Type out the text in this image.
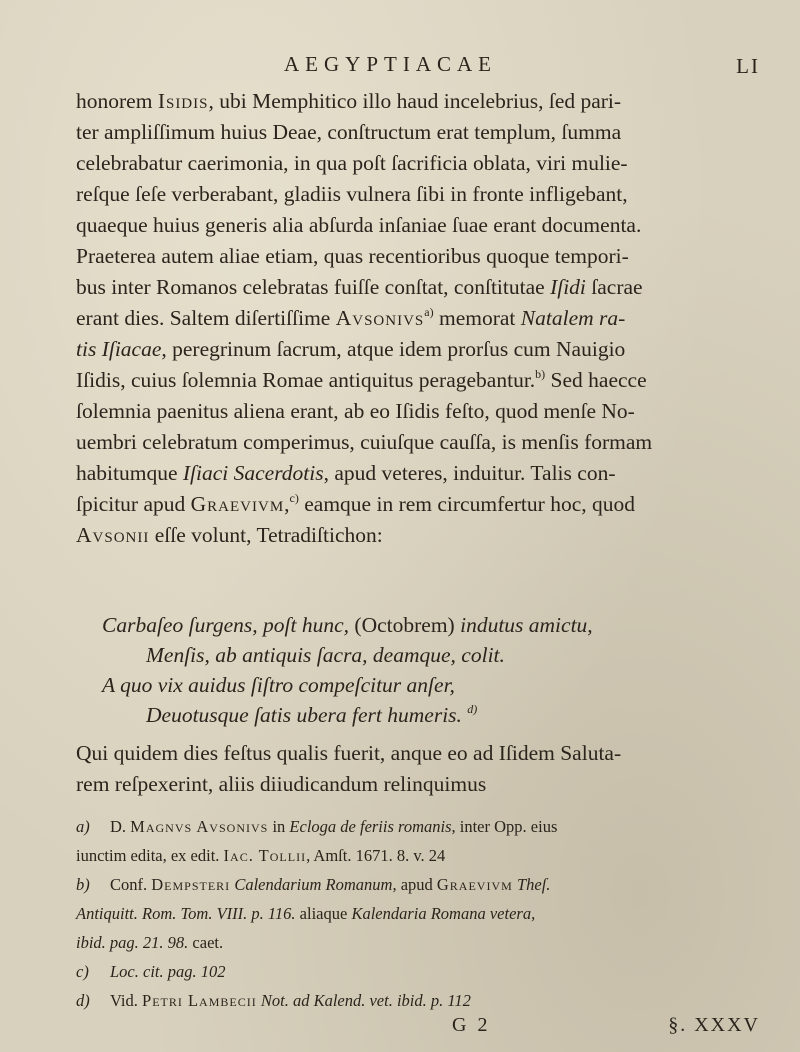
AEGYPTIACAE	LI
honorem Isidis, ubi Memphitico illo haud incelebrius, ſed pari-
ter ampliſſimum huius Deae, conſtructum erat templum, ſumma
celebrabatur caerimonia, in qua poſt ſacrificia oblata, viri mulie-
reſque ſeſe verberabant, gladiis vulnera ſibi in fronte infligebant,
quaeque huius generis alia abſurda inſaniae ſuae erant documenta.
Praeterea autem aliae etiam, quas recentioribus quoque tempori-
bus inter Romanos celebratas fuiſſe conſtat, conſtitutae Iſidi ſacrae
erant dies. Saltem diſertiſſime Avsonivs$^{a)}$ memorat Natalem ra-
tis Iſiacae, peregrinum ſacrum, atque idem prorſus cum Nauigio
Iſidis, cuius ſolemnia Romae antiquitus peragebantur.$^{b)}$ Sed haecce
ſolemnia paenitus aliena erant, ab eo Iſidis feſto, quod menſe No-
uembri celebratum comperimus, cuiuſque cauſſa, is menſis formam
habitumque Iſiaci Sacerdotis, apud veteres, induitur. Talis con-
ſpicitur apud Graevivm,$^{c)}$ eamque in rem circumfertur hoc, quod
Avsonii eſſe volunt, Tetradiſtichon:
Carbaſeo ſurgens, poſt hunc, (Octobrem) indutus amictu,
Menſis, ab antiquis ſacra, deamque, colit.
A quo vix auidus ſiſtro compeſcitur anſer,
Deuotusque ſatis ubera fert humeris. $^{d)}$
Qui quidem dies feſtus qualis fuerit, anque eo ad Iſidem Saluta-
rem reſpexerint, aliis diiudicandum relinquimus
a) D. Magnvs Avsonivs in Ecloga de feriis romanis, inter Opp. eius
iunctim edita, ex edit. Iac. Tollii, Amſt. 1671. 8. v. 24
b) Conf. Dempsteri Calendarium Romanum, apud Graevivm Theſ.
Antiquitt. Rom. Tom. VIII. p. 116. aliaque Kalendaria Romana vetera,
ibid. pag. 21. 98. caet.
c) Loc. cit. pag. 102
d) Vid. Petri Lambecii Not. ad Kalend. vet. ibid. p. 112
G 2	§. XXXV
